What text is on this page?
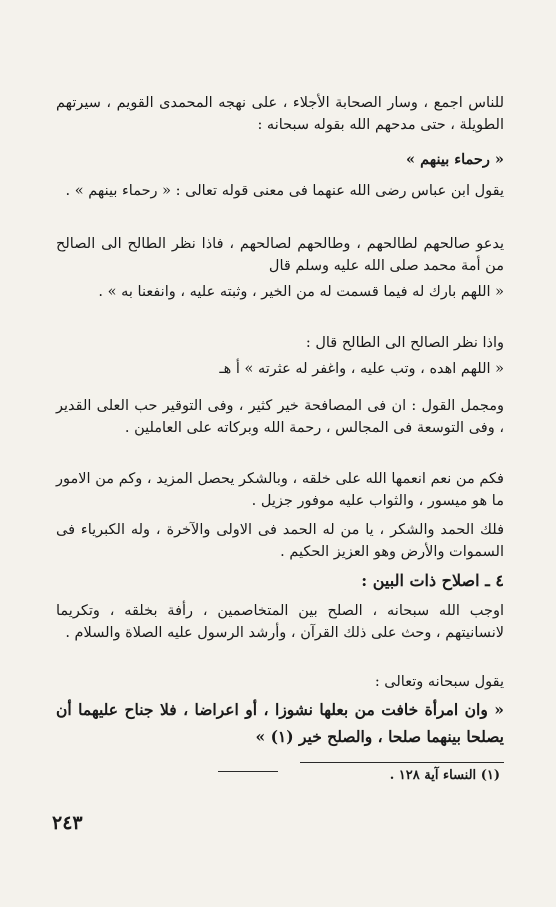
للناس اجمع ، وسار الصحابة الأجلاء ، على نهجه المحمدى القويم ، سيرتهم الطويلة ، حتى مدحهم الله بقوله سبحانه :

« رحماء بينهم »

يقول ابن عباس رضى الله عنهما فى معنى قوله تعالى : « رحماء بينهم » .

يدعو صالحهم لطالحهم ، وطالحهم لصالحهم ، فاذا نظر الطالح الى الصالح من أمة محمد صلى الله عليه وسلم قال

« اللهم بارك له فيما قسمت له من الخير ، وثبته عليه ، وانفعنا به » .

واذا نظر الصالح الى الطالح قال :

« اللهم اهده ، وتب عليه ، واغفر له عثرته » أ هـ

ومجمل القول : ان فى المصافحة خير كثير ، وفى التوقير حب العلى القدير ، وفى التوسعة فى المجالس ، رحمة الله وبركاته على العاملين .

فكم من نعم انعمها الله على خلقه ، وبالشكر يحصل المزيد ، وكم من الامور ما هو ميسور ، والثواب عليه موفور جزيل .

فلك الحمد والشكر ، يا من له الحمد فى الاولى والآخرة ، وله الكبرياء فى السموات والأرض وهو العزيز الحكيم .

٤ ـ اصلاح ذات البين :

اوجب الله سبحانه ، الصلح بين المتخاصمين ، رأفة بخلقه ، وتكريما لانسانيتهم ، وحث على ذلك القرآن ، وأرشد الرسول عليه الصلاة والسلام .

يقول سبحانه وتعالى :

« وان امرأة خافت من بعلها نشوزا ، أو اعراضا ، فلا جناح عليهما أن يصلحا بينهما صلحا ، والصلح خير (١) »

(١) النساء آية ١٢٨ .
٢٤٣
